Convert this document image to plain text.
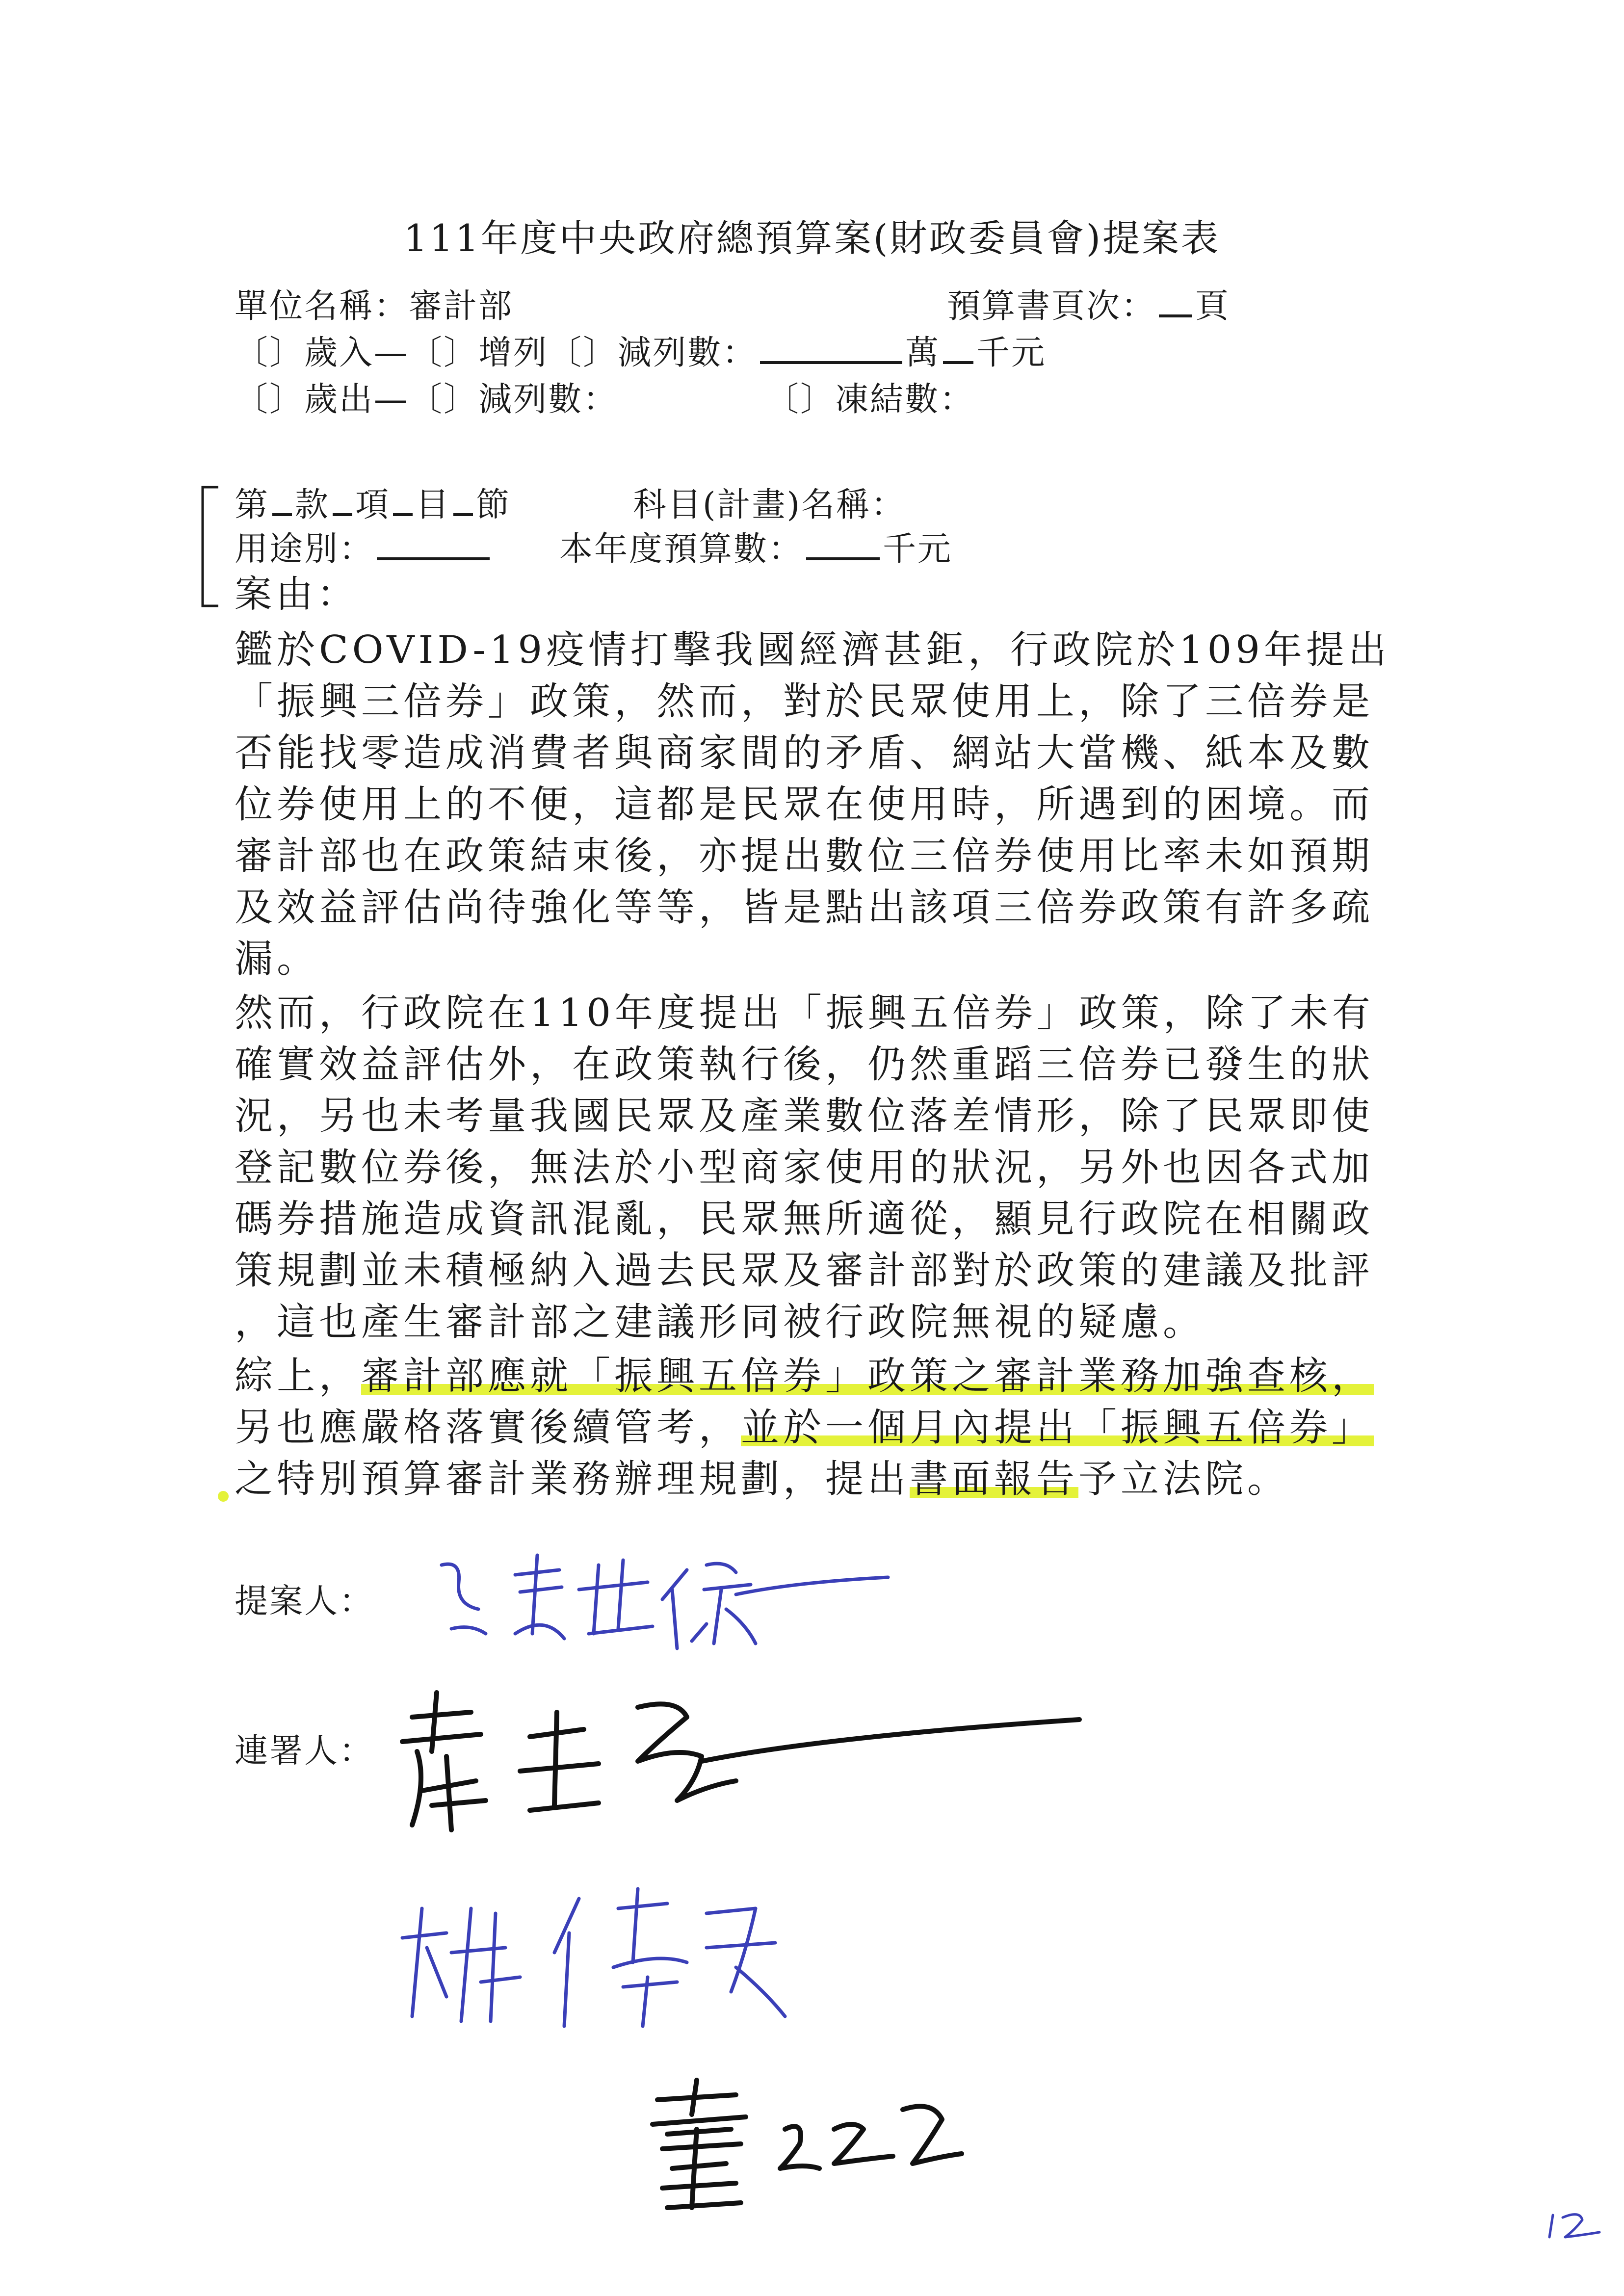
111年度中央政府總預算案(財政委員會)提案表
單位名稱：審計部	預算書頁次： 頁
〔〕歲入—〔〕增列〔〕減列數：	萬 千元
〔〕歲出—〔〕減列數：	〔〕凍結數：
第 款 項 目 節	科目(計畫)名稱：
用途別：	本年度預算數： 千元
案由：
鑑於COVID-19疫情打擊我國經濟甚鉅，行政院於109年提出
「振興三倍券」政策，然而，對於民眾使用上，除了三倍券是
否能找零造成消費者與商家間的矛盾、網站大當機、紙本及數
位券使用上的不便，這都是民眾在使用時，所遇到的困境。而
審計部也在政策結束後，亦提出數位三倍券使用比率未如預期
及效益評估尚待強化等等，皆是點出該項三倍券政策有許多疏
漏。
然而，行政院在110年度提出「振興五倍券」政策，除了未有
確實效益評估外，在政策執行後，仍然重蹈三倍券已發生的狀
況，另也未考量我國民眾及產業數位落差情形，除了民眾即使
登記數位券後，無法於小型商家使用的狀況，另外也因各式加
碼券措施造成資訊混亂，民眾無所適從，顯見行政院在相關政
策規劃並未積極納入過去民眾及審計部對於政策的建議及批評
，這也產生審計部之建議形同被行政院無視的疑慮。
綜上，審計部應就「振興五倍券」政策之審計業務加強查核，
另也應嚴格落實後續管考，並於一個月內提出「振興五倍券」
之特別預算審計業務辦理規劃，提出書面報告予立法院。
提案人：
連署人：
